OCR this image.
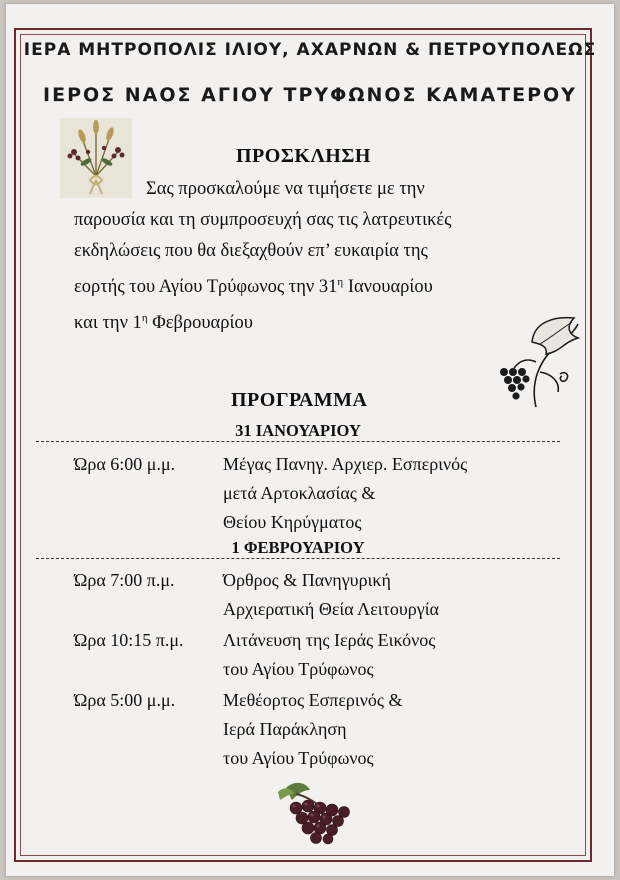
ΙΕΡΑ ΜΗΤΡΟΠΟΛΙΣ ΙΛΙΟΥ, ΑΧΑΡΝΩΝ & ΠΕΤΡΟΥΠΟΛΕΩΣ
ΙΕΡΟΣ ΝΑΟΣ ΑΓΙΟΥ ΤΡΥΦΩΝΟΣ ΚΑΜΑΤΕΡΟΥ
ΠΡΟΣΚΛΗΣΗ
Σας προσκαλούμε να τιμήσετε με την
παρουσία και τη συμπροσευχή σας τις λατρευτικές
εκδηλώσεις που θα διεξαχθούν επ’ ευκαιρία της
εορτής του Αγίου Τρύφωνος την $31^\eta$ Ιανουαρίου
και την $1^\eta$ Φεβρουαρίου
ΠΡΟΓΡΑΜΜΑ
31 ΙΑΝΟΥΑΡΙΟΥ
Ώρα 6:00 μ.μ.	Μέγας Πανηγ. Αρχιερ. Εσπερινός
μετά Αρτοκλασίας &
Θείου Κηρύγματος
1 ΦΕΒΡΟΥΑΡΙΟΥ
Ώρα 7:00 π.μ.	Όρθρος & Πανηγυρική
Αρχιερατική Θεία Λειτουργία
Ώρα 10:15 π.μ. Λιτάνευση της Ιεράς Εικόνος
του Αγίου Τρύφωνος
Ώρα 5:00 μ.μ.	Μεθέορτος Εσπερινός &
Ιερά Παράκληση
του Αγίου Τρύφωνος
